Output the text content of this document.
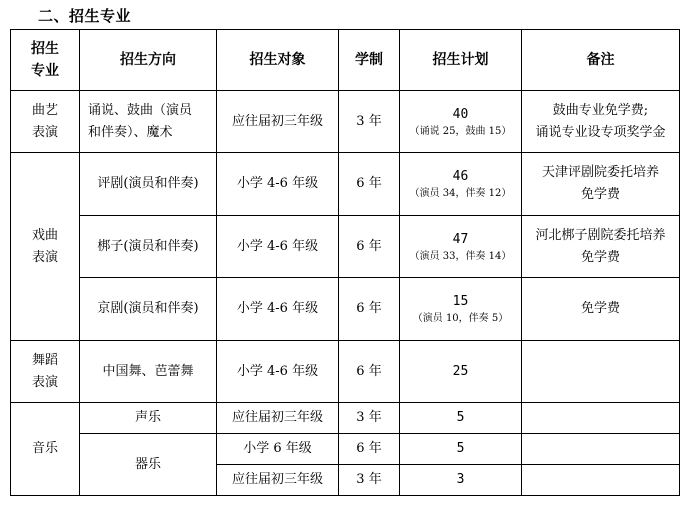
二、招生专业
招生
专业	招生方向	招生对象	学制	招生计划	备注

曲艺
表演	诵说、鼓曲（演员
和伴奏）、魔术	应往届初三年级	3 年	40
（诵说 25，鼓曲 15）	鼓曲专业免学费;
诵说专业设专项奖学金

戏曲
表演	评剧(演员和伴奏)	小学 4-6 年级	6 年	46
（演员 34，伴奏 12）	天津评剧院委托培养
免学费

	梆子(演员和伴奏)	小学 4-6 年级	6 年	47
（演员 33，伴奏 14）	河北梆子剧院委托培养
免学费

	京剧(演员和伴奏)	小学 4-6 年级	6 年	15
（演员 10，伴奏 5）	免学费

舞蹈
表演	中国舞、芭蕾舞	小学 4-6 年级	6 年	25	

音乐	声乐	应往届初三年级	3 年	5	

	器乐	小学 6 年级	6 年	5	

		应往届初三年级	3 年	3	
